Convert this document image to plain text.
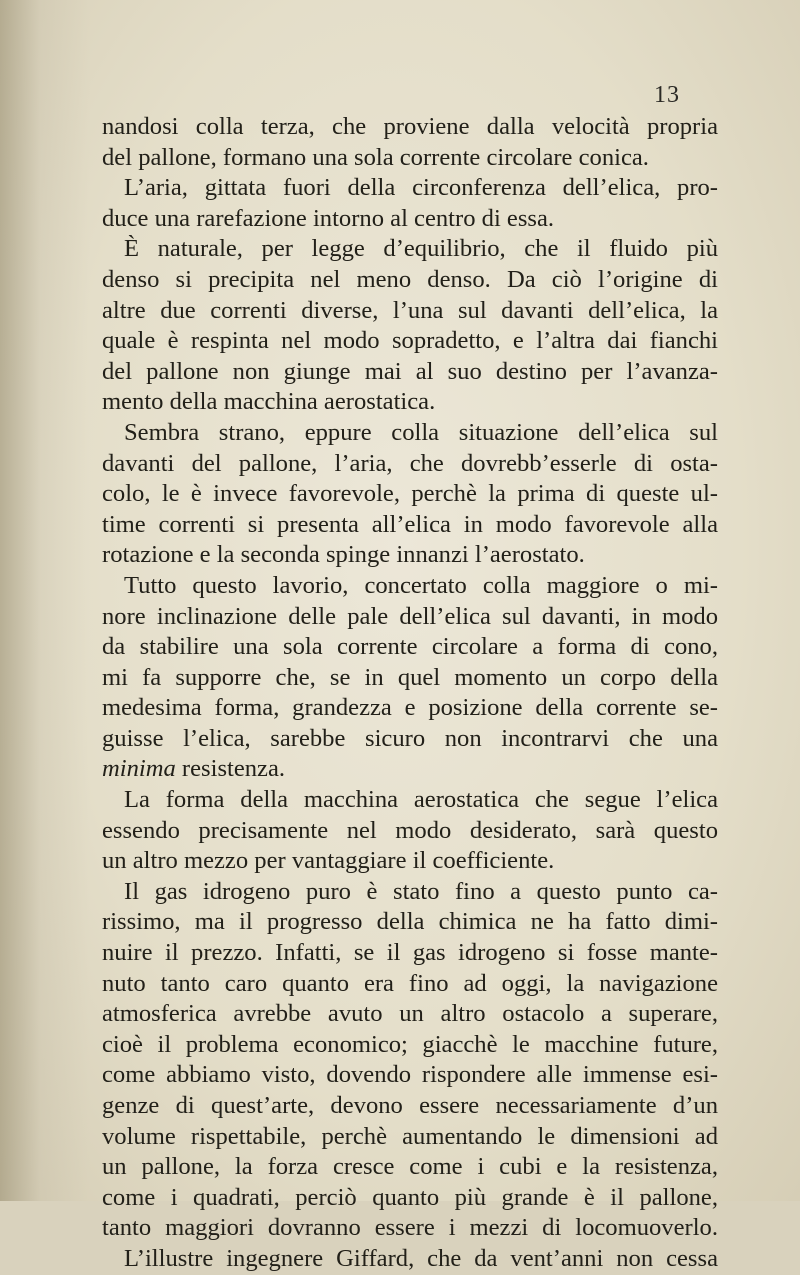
13
nandosi colla terza, che proviene dalla velocità propria
del pallone, formano una sola corrente circolare conica.
L’aria, gittata fuori della circonferenza dell’elica, pro-
duce una rarefazione intorno al centro di essa.
È naturale, per legge d’equilibrio, che il fluido più
denso si precipita nel meno denso. Da ciò l’origine di
altre due correnti diverse, l’una sul davanti dell’elica, la
quale è respinta nel modo sopradetto, e l’altra dai fianchi
del pallone non giunge mai al suo destino per l’avanza-
mento della macchina aerostatica.
Sembra strano, eppure colla situazione dell’elica sul
davanti del pallone, l’aria, che dovrebb’esserle di osta-
colo, le è invece favorevole, perchè la prima di queste ul-
time correnti si presenta all’elica in modo favorevole alla
rotazione e la seconda spinge innanzi l’aerostato.
Tutto questo lavorio, concertato colla maggiore o mi-
nore inclinazione delle pale dell’elica sul davanti, in modo
da stabilire una sola corrente circolare a forma di cono,
mi fa supporre che, se in quel momento un corpo della
medesima forma, grandezza e posizione della corrente se-
guisse l’elica, sarebbe sicuro non incontrarvi che una
minima resistenza.
La forma della macchina aerostatica che segue l’elica
essendo precisamente nel modo desiderato, sarà questo
un altro mezzo per vantaggiare il coefficiente.
Il gas idrogeno puro è stato fino a questo punto ca-
rissimo, ma il progresso della chimica ne ha fatto dimi-
nuire il prezzo. Infatti, se il gas idrogeno si fosse mante-
nuto tanto caro quanto era fino ad oggi, la navigazione
atmosferica avrebbe avuto un altro ostacolo a superare,
cioè il problema economico; giacchè le macchine future,
come abbiamo visto, dovendo rispondere alle immense esi-
genze di quest’arte, devono essere necessariamente d’un
volume rispettabile, perchè aumentando le dimensioni ad
un pallone, la forza cresce come i cubi e la resistenza,
come i quadrati, perciò quanto più grande è il pallone,
tanto maggiori dovranno essere i mezzi di locomuoverlo.
L’illustre ingegnere Giffard, che da vent’anni non cessa
